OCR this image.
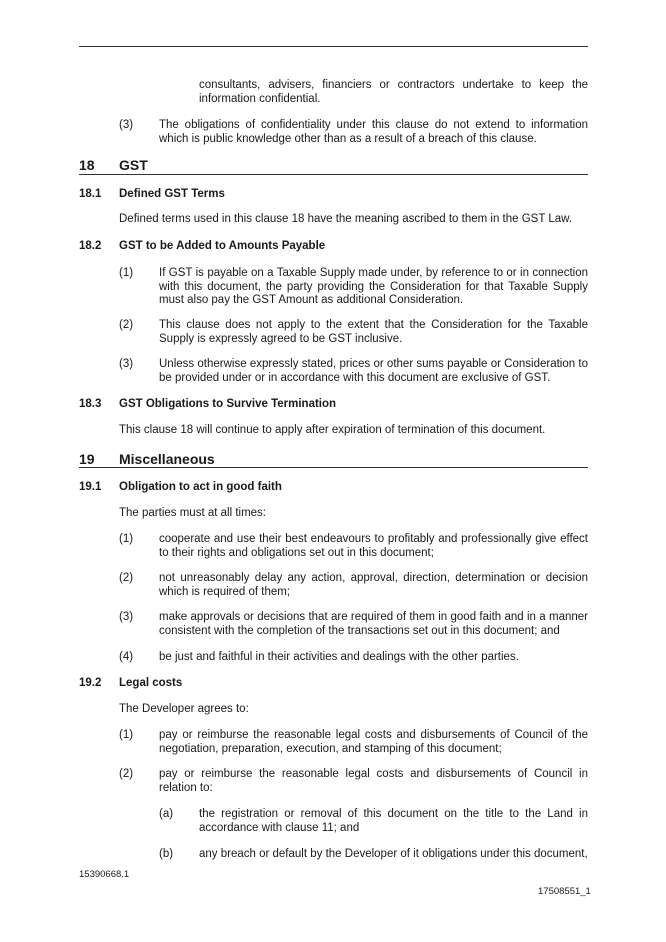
consultants, advisers, financiers or contractors undertake to keep the information confidential.
(3) The obligations of confidentiality under this clause do not extend to information which is public knowledge other than as a result of a breach of this clause.
18 GST
18.1 Defined GST Terms
Defined terms used in this clause 18 have the meaning ascribed to them in the GST Law.
18.2 GST to be Added to Amounts Payable
(1) If GST is payable on a Taxable Supply made under, by reference to or in connection with this document, the party providing the Consideration for that Taxable Supply must also pay the GST Amount as additional Consideration.
(2) This clause does not apply to the extent that the Consideration for the Taxable Supply is expressly agreed to be GST inclusive.
(3) Unless otherwise expressly stated, prices or other sums payable or Consideration to be provided under or in accordance with this document are exclusive of GST.
18.3 GST Obligations to Survive Termination
This clause 18 will continue to apply after expiration of termination of this document.
19 Miscellaneous
19.1 Obligation to act in good faith
The parties must at all times:
(1) cooperate and use their best endeavours to profitably and professionally give effect to their rights and obligations set out in this document;
(2) not unreasonably delay any action, approval, direction, determination or decision which is required of them;
(3) make approvals or decisions that are required of them in good faith and in a manner consistent with the completion of the transactions set out in this document; and
(4) be just and faithful in their activities and dealings with the other parties.
19.2 Legal costs
The Developer agrees to:
(1) pay or reimburse the reasonable legal costs and disbursements of Council of the negotiation, preparation, execution, and stamping of this document;
(2) pay or reimburse the reasonable legal costs and disbursements of Council in relation to:
(a) the registration or removal of this document on the title to the Land in accordance with clause 11; and
(b) any breach or default by the Developer of it obligations under this document,
15390668.1
17508551_1
